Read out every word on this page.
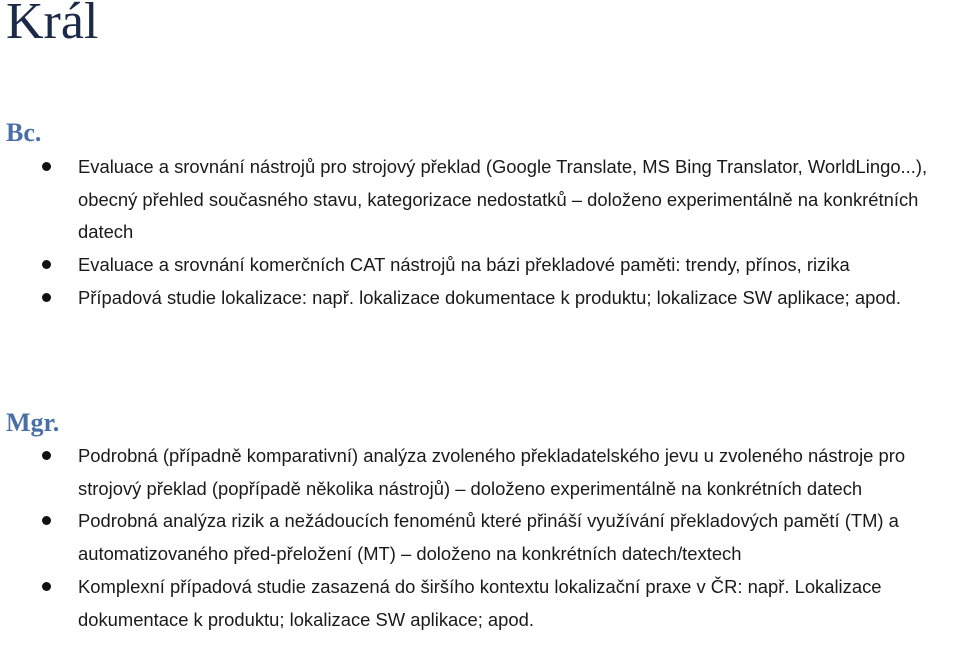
Král
Bc.
Evaluace a srovnání nástrojů pro strojový překlad (Google Translate, MS Bing Translator, WorldLingo...), obecný přehled současného stavu, kategorizace nedostatků – doloženo experimentálně na konkrétních datech
Evaluace a srovnání komerčních CAT nástrojů na bázi překladové paměti: trendy, přínos, rizika
Případová studie lokalizace: např. lokalizace dokumentace k produktu; lokalizace SW aplikace; apod.
Mgr.
Podrobná (případně komparativní) analýza zvoleného překladatelského jevu u zvoleného nástroje pro strojový překlad (popřípadě několika nástrojů) – doloženo experimentálně na konkrétních datech
Podrobná analýza rizik a nežádoucích fenoménů které přináší využívání překladových pamětí (TM) a automatizovaného před-přeložení (MT) – doloženo na konkrétních datech/textech
Komplexní případová studie zasazená do širšího kontextu lokalizační praxe v ČR: např. Lokalizace dokumentace k produktu; lokalizace SW aplikace; apod.
